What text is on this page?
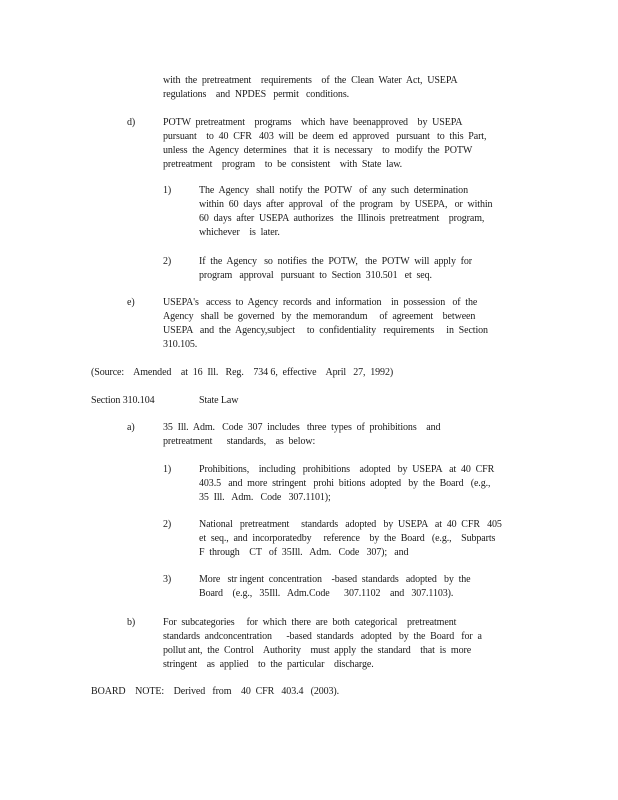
with  the  pretreatment    requirements    of  the  Clean  Water  Act,  USEPA
regulations    and  NPDES   permit   conditions.
d)	POTW  pretreatment    programs    which  have  beenapproved    by  USEPA
pursuant    to  40  CFR   403  will  be  deem  ed  approved   pursuant   to  this  Part,
unless  the  Agency  determines   that  it  is  necessary    to  modify  the  POTW
pretreatment    program    to  be  consistent    with  State  law.
1)	The  Agency   shall  notify  the  POTW   of  any  such  determination
within  60  days  after  approval   of  the  program   by  USEPA,   or  within
60  days  after  USEPA  authorizes   the  Illinois  pretreatment    program,
whichever    is  later.
2)	If  the  Agency   so  notifies  the  POTW,   the  POTW  will  apply  for
program   approval   pursuant  to  Section  310.501   et  seq.
e)	USEPA's   access  to  Agency  records  and  information    in  possession   of  the
Agency   shall  be  governed   by  the  memorandum     of  agreement    between
USEPA   and  the  Agency,subject     to  confidentiality   requirements     in  Section
310.105.
(Source:    Amended    at  16  Ill.   Reg.    734 6,  effective    April   27,  1992)
Section 310.104	State Law
a)	35  Ill.  Adm.   Code  307  includes   three  types  of  prohibitions    and
pretreatment      standards,    as  below:
1)	Prohibitions,    including   prohibitions    adopted   by  USEPA   at  40  CFR
403.5   and  more  stringent   prohi  bitions  adopted   by  the  Board   (e.g.,
35  Ill.   Adm.   Code   307.1101);
2)	National   pretreatment     standards   adopted   by  USEPA   at  40  CFR   405
et  seq.,  and  incorporatedby     reference    by  the  Board   (e.g.,    Subparts
F  through    CT   of  35Ill.   Adm.   Code   307);   and
3)	More   str ingent  concentration    -based  standards   adopted   by  the
Board    (e.g.,   35Ill.   Adm.Code      307.1102    and   307.1103).
b)	For  subcategories     for  which  there  are  both  categorical    pretreatment
standards  andconcentration      -based  standards   adopted   by  the  Board   for  a
pollut ant,  the  Control    Authority    must  apply  the  standard    that  is  more
stringent    as  applied    to  the  particular    discharge.
BOARD    NOTE:    Derived   from    40  CFR   403.4   (2003).
